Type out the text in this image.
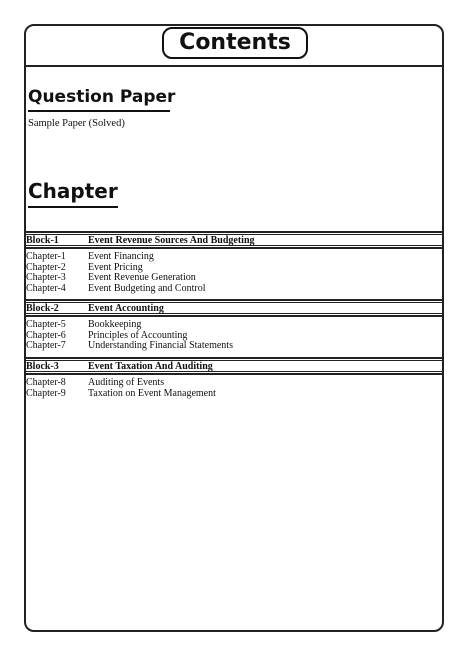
Contents
Question Paper
Sample Paper (Solved)
Chapter
Block-1	Event Revenue Sources And Budgeting
Chapter-1 Event Financing
Chapter-2 Event Pricing
Chapter-3 Event Revenue Generation
Chapter-4 Event Budgeting and Control
Block-2	Event Accounting
Chapter-5 Bookkeeping
Chapter-6 Principles of Accounting
Chapter-7 Understanding Financial Statements
Block-3	Event Taxation And Auditing
Chapter-8 Auditing of Events
Chapter-9 Taxation on Event Management
